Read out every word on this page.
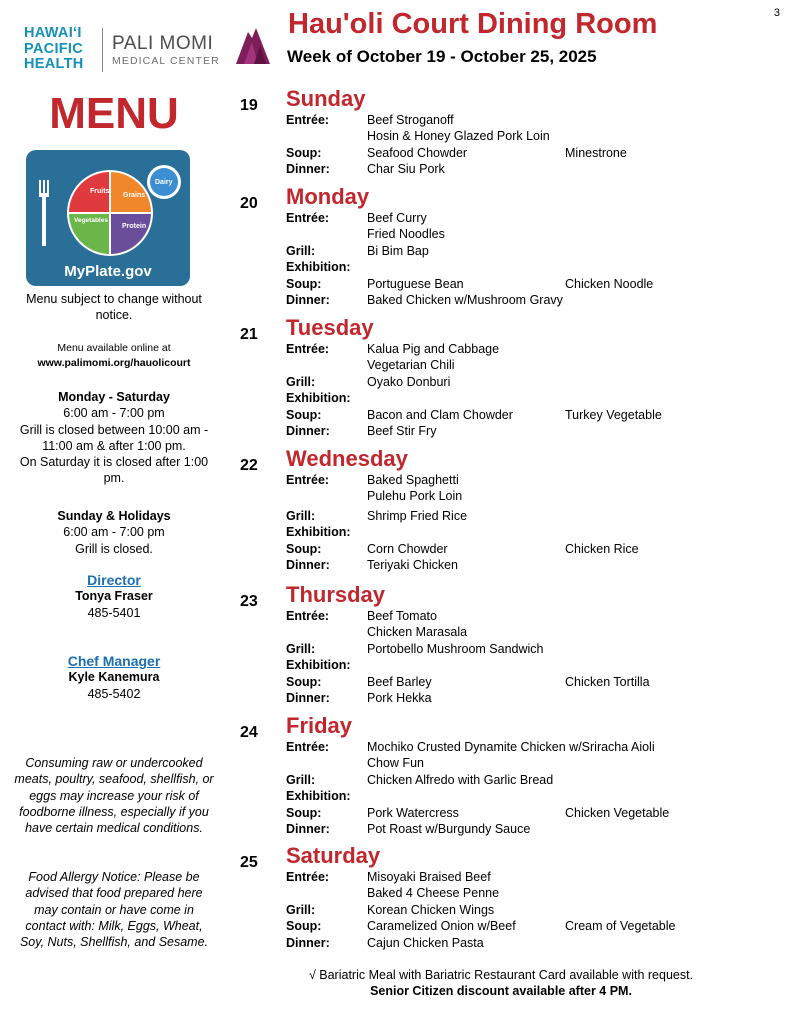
3
HAWAIʻI
PACIFIC
HEALTH
PALI MOMI
MEDICAL CENTER
Hau'oli Court Dining Room
Week of October 19 - October 25, 2025
MENU
Fruits
Grains
Vegetables
Protein
Dairy
MyPlate.gov
Menu subject to change without notice.
Menu available online at
www.palimomi.org/hauolicourt
Monday - Saturday
6:00 am - 7:00 pm
Grill is closed between 10:00 am - 11:00 am & after 1:00 pm.
On Saturday it is closed after 1:00 pm.
Sunday & Holidays
6:00 am - 7:00 pm
Grill is closed.
Director
Tonya Fraser
485-5401
Chef Manager
Kyle Kanemura
485-5402
Consuming raw or undercooked meats, poultry, seafood, shellfish, or eggs may increase your risk of foodborne illness, especially if you have certain medical conditions.
Food Allergy Notice: Please be advised that food prepared here may contain or have come in contact with: Milk, Eggs, Wheat, Soy, Nuts, Shellfish, and Sesame.
19 Sunday
Entrée:	Beef Stroganoff
Hosin & Honey Glazed Pork Loin
Soup:	Seafood Chowder	Minestrone
Dinner:	Char Siu Pork
20 Monday
Entrée:	Beef Curry
Fried Noodles
Grill:	Bi Bim Bap
Exhibition:
Soup:	Portuguese Bean	Chicken Noodle
Dinner:	Baked Chicken w/Mushroom Gravy
21 Tuesday
Entrée:	Kalua Pig and Cabbage
Vegetarian Chili
Grill:	Oyako Donburi
Exhibition:
Soup:	Bacon and Clam Chowder	Turkey Vegetable
Dinner:	Beef Stir Fry
22 Wednesday
Entrée:	Baked Spaghetti
Pulehu Pork Loin
Grill:	Shrimp Fried Rice
Exhibition:
Soup:	Corn Chowder	Chicken Rice
Dinner:	Teriyaki Chicken
23 Thursday
Entrée:	Beef Tomato
Chicken Marasala
Grill:	Portobello Mushroom Sandwich
Exhibition:
Soup:	Beef Barley	Chicken Tortilla
Dinner:	Pork Hekka
24 Friday
Entrée:	Mochiko Crusted Dynamite Chicken w/Sriracha Aioli
Chow Fun
Grill:	Chicken Alfredo with Garlic Bread
Exhibition:
Soup:	Pork Watercress	Chicken Vegetable
Dinner:	Pot Roast w/Burgundy Sauce
25 Saturday
Entrée:	Misoyaki Braised Beef
Baked 4 Cheese Penne
Grill:	Korean Chicken Wings
Soup:	Caramelized Onion w/Beef	Cream of Vegetable
Dinner:	Cajun Chicken Pasta
√ Bariatric Meal with Bariatric Restaurant Card available with request.
Senior Citizen discount available after 4 PM.
